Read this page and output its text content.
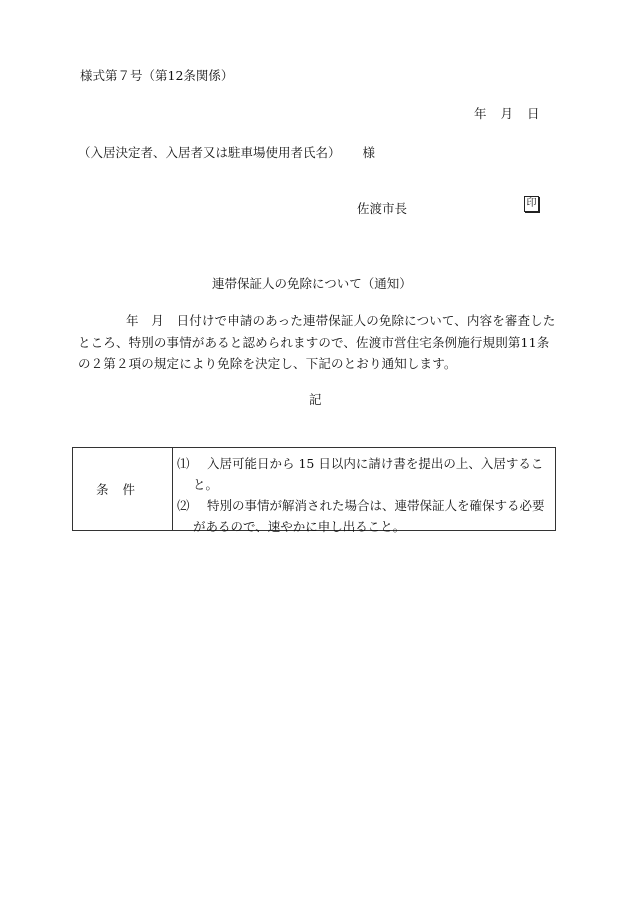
様式第７号（第12条関係）
年 月 日
（入居決定者、入居者又は駐車場使用者氏名） 様
佐渡市長	印
連帯保証人の免除について（通知）
年　月　日付けで申請のあった連帯保証人の免除について、内容を審査したところ、特別の事情があると認められますので、佐渡市営住宅条例施行規則第11条の２第２項の規定により免除を決定し、下記のとおり通知します。
記
条件
⑴ 入居可能日から 15 日以内に請け書を提出の上、入居するこ
と。
⑵ 特別の事情が解消された場合は、連帯保証人を確保する必要
があるので、速やかに申し出ること。
